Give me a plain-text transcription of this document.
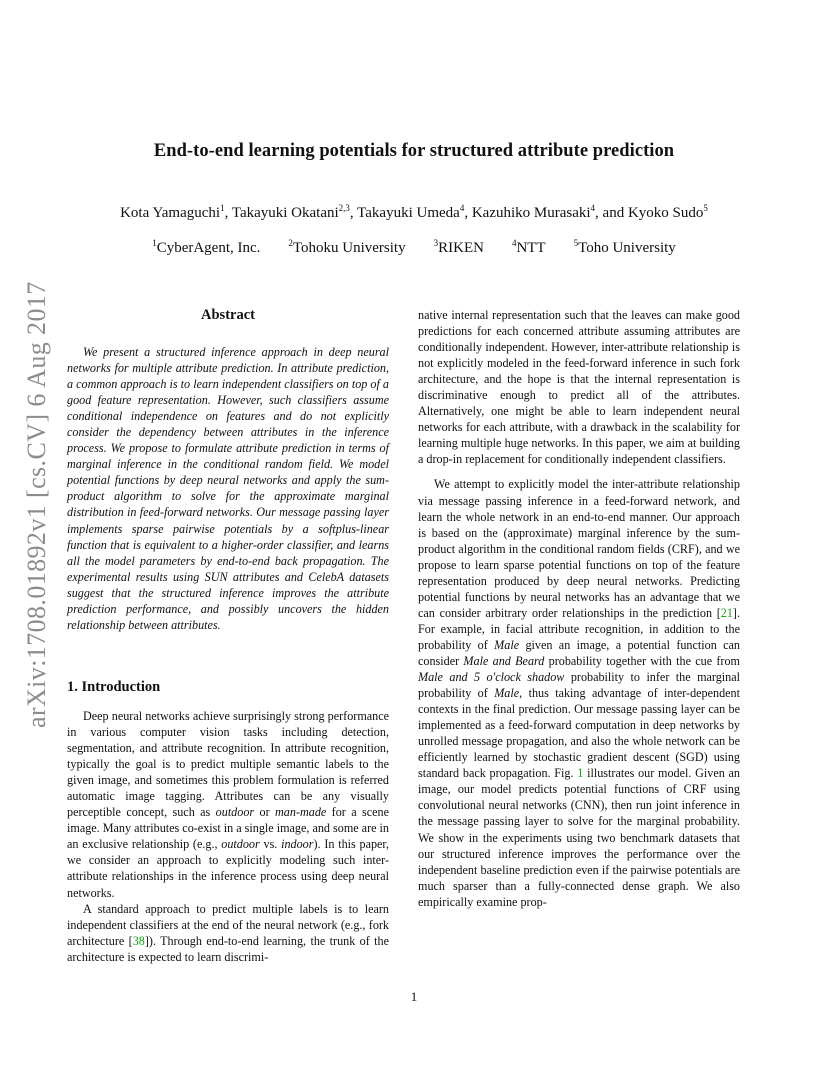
arXiv:1708.01892v1 [cs.CV] 6 Aug 2017
End-to-end learning potentials for structured attribute prediction
Kota Yamaguchi$^1$, Takayuki Okatani$^{2,3}$, Takayuki Umeda$^4$, Kazuhiko Murasaki$^4$, and Kyoko Sudo$^5$
$^1$CyberAgent, Inc.	$^2$Tohoku University	$^3$RIKEN	$^4$NTT	$^5$Toho University
Abstract

We present a structured inference approach in deep neural networks for multiple attribute prediction. In attribute prediction, a common approach is to learn independent classifiers on top of a good feature representation. However, such classifiers assume conditional independence on features and do not explicitly consider the dependency between attributes in the inference process. We propose to formulate attribute prediction in terms of marginal inference in the conditional random field. We model potential functions by deep neural networks and apply the sum-product algorithm to solve for the approximate marginal distribution in feed-forward networks. Our message passing layer implements sparse pairwise potentials by a softplus-linear function that is equivalent to a higher-order classifier, and learns all the model parameters by end-to-end back propagation. The experimental results using SUN attributes and CelebA datasets suggest that the structured inference improves the attribute prediction performance, and possibly uncovers the hidden relationship between attributes.

1. Introduction

Deep neural networks achieve surprisingly strong performance in various computer vision tasks including detection, segmentation, and attribute recognition. In attribute recognition, typically the goal is to predict multiple semantic labels to the given image, and sometimes this problem formulation is referred automatic image tagging. Attributes can be any visually perceptible concept, such as outdoor or man-made for a scene image. Many attributes co-exist in a single image, and some are in an exclusive relationship (e.g., outdoor vs. indoor). In this paper, we consider an approach to explicitly modeling such inter-attribute relationships in the inference process using deep neural networks.

A standard approach to predict multiple labels is to learn independent classifiers at the end of the neural network (e.g., fork architecture [38]). Through end-to-end learning, the trunk of the architecture is expected to learn discrimi-

native internal representation such that the leaves can make good predictions for each concerned attribute assuming attributes are conditionally independent. However, inter-attribute relationship is not explicitly modeled in the feed-forward inference in such fork architecture, and the hope is that the internal representation is discriminative enough to predict all of the attributes. Alternatively, one might be able to learn independent neural networks for each attribute, with a drawback in the scalability for learning multiple huge networks. In this paper, we aim at building a drop-in replacement for conditionally independent classifiers.

We attempt to explicitly model the inter-attribute relationship via message passing inference in a feed-forward network, and learn the whole network in an end-to-end manner. Our approach is based on the (approximate) marginal inference by the sum-product algorithm in the conditional random fields (CRF), and we propose to learn sparse potential functions on top of the feature representation produced by deep neural networks. Predicting potential functions by neural networks has an advantage that we can consider arbitrary order relationships in the prediction [21]. For example, in facial attribute recognition, in addition to the probability of Male given an image, a potential function can consider Male and Beard probability together with the cue from Male and 5 o'clock shadow probability to infer the marginal probability of Male, thus taking advantage of inter-dependent contexts in the final prediction. Our message passing layer can be implemented as a feed-forward computation in deep networks by unrolled message propagation, and also the whole network can be efficiently learned by stochastic gradient descent (SGD) using standard back propagation. Fig. 1 illustrates our model. Given an image, our model predicts potential functions of CRF using convolutional neural networks (CNN), then run joint inference in the message passing layer to solve for the marginal probability. We show in the experiments using two benchmark datasets that our structured inference improves the performance over the independent baseline prediction even if the pairwise potentials are much sparser than a fully-connected dense graph. We also empirically examine prop-

1
